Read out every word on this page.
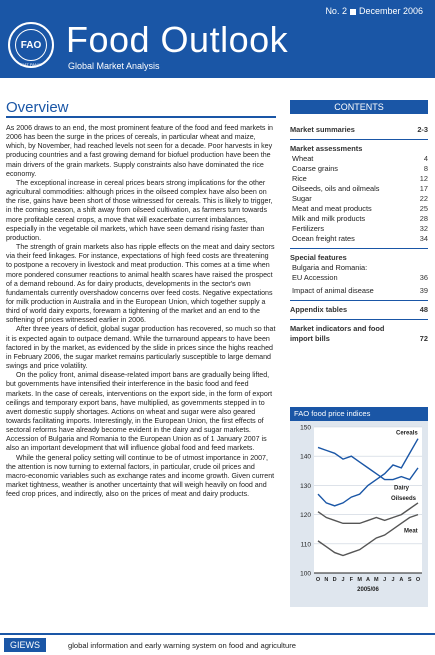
No. 2 December 2006
FAO
FIAT PANIS
Food Outlook
Global Market Analysis
Overview

As 2006 draws to an end, the most prominent feature of the food and feed markets in 2006 has been the surge in the prices of cereals, in particular wheat and maize, which, by November, had reached levels not seen for a decade. Poor harvests in key producing countries and a fast growing demand for biofuel production have been the main drivers of the grain markets. Supply constraints also have dominated the rice economy.

The exceptional increase in cereal prices bears strong implications for the other agricultural commodities: although prices in the oilseed complex have also been on the rise, gains have been short of those witnessed for cereals. This is likely to trigger, in the coming season, a shift away from oilseed cultivation, as farmers turn towards more profitable cereal crops, a move that will exacerbate current imbalances, especially in the vegetable oil markets, which have seen demand rising faster than production.

The strength of grain markets also has ripple effects on the meat and dairy sectors via their feed linkages. For instance, expectations of high feed costs are threatening to postpone a recovery in livestock and meat production. This comes at a time when more pondered consumer reactions to animal health scares have raised the prospect of a demand rebound. As for dairy products, developments in the sector's own fundamentals currently overshadow concerns over feed costs. Negative expectations for milk production in Australia and in the European Union, which together supply a third of world dairy exports, forewarn a tightening of the market and an end to the softening of prices witnessed earlier in 2006.

After three years of deficit, global sugar production has recovered, so much so that it is expected again to outpace demand. While the turnaround appears to have been factored in by the market, as evidenced by the slide in prices since the highs reached in February 2006, the sugar market remains particularly susceptible to large demand swings and price volatility.

On the policy front, animal disease-related import bans are gradually being lifted, but governments have intensified their interference in the basic food and feed markets. In the case of cereals, interventions on the export side, in the form of export ceilings and temporary export bans, have multiplied, as governments stepped in to avert domestic supply shortages. Actions on wheat and sugar were also geared towards facilitating imports. Interestingly, in the European Union, the first effects of sectoral reforms have already become evident in the dairy and sugar markets. Accession of Bulgaria and Romania to the European Union as of 1 January 2007 is also an important development that will influence global food and feed markets.

While the general policy setting will continue to be of utmost importance in 2007, the attention is now turning to external factors, in particular, crude oil prices and macro-economic variables such as exchange rates and income growth. Given current market tightness, weather is another uncertainty that will weigh heavily on food and feed crop prices, and indirectly, also on the prices of meat and dairy products.

CONTENTS
Market summaries	2-3
Market assessments
Wheat	4
Coarse grains	8
Rice	12
Oilseeds, oils and oilmeals	17
Sugar	22
Meat and meat products	25
Milk and milk products	28
Fertilizers	32
Ocean freight rates	34
Special features
Bulgaria and Romania:
EU Accession	36
Impact of animal disease	39
Appendix tables	48
Market indicators and food
import bills	72
FAO food price indices
100
110
120
130
140
150
O N D J F M A M J J A S O
2005/06
Cereals
Dairy
Oilseeds
Meat
GIEWS	global information and early warning system on food and agriculture
